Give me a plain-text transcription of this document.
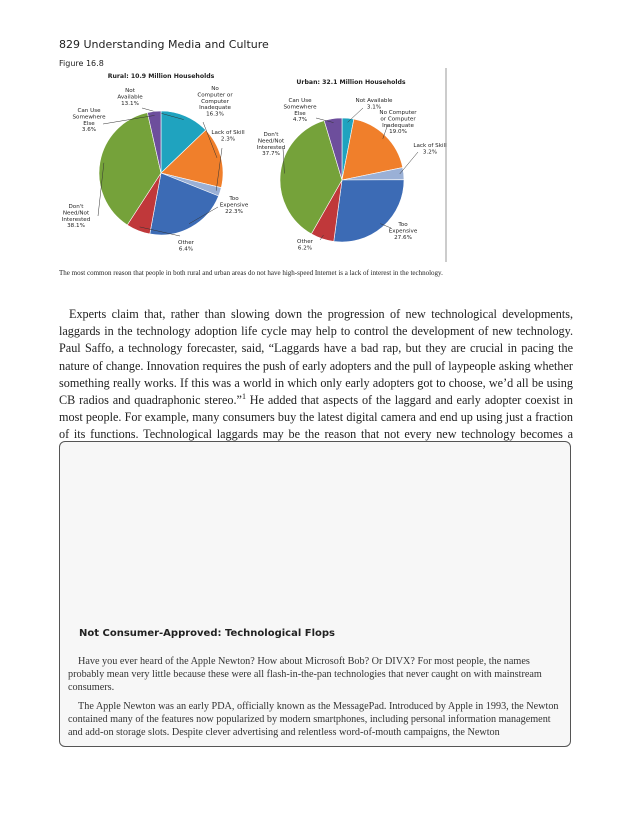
829 Understanding Media and Culture
Figure 16.8
Rural: 10.9 Million Households
Not Available 13.1%
No Computer or Computer Inadequate 16.3%
Lack of Skill 2.3%
Too Expensive 22.3%
Other 6.4%
Don't Need/Not Interested 38.1%
Can Use Somewhere Else 3.6%
Urban: 32.1 Million Households
Not Available 3.1%
No Computer or Computer Inadequate 19.0%
Lack of Skill 3.2%
Too Expensive 27.6%
Other 6.2%
Don't Need/Not Interested 37.7%
Can Use Somewhere Else 4.7%
The most common reason that people in both rural and urban areas do not have high-speed Internet is a lack of interest in the technology.

Experts claim that, rather than slowing down the progression of new technological developments, laggards in the technology adoption life cycle may help to control the development of new technology. Paul Saffo, a technology forecaster, said, “Laggards have a bad rap, but they are crucial in pacing the nature of change. Innovation requires the push of early adopters and the pull of laypeople asking whether something really works. If this was a world in which only early adopters got to choose, we’d all be using CB radios and quadraphonic stereo.”$^1$ He added that aspects of the laggard and early adopter coexist in most people. For example, many consumers buy the latest digital camera and end up using just a fraction of its functions. Technological laggards may be the reason that not every new technology becomes a

Not Consumer-Approved: Technological Flops

Have you ever heard of the Apple Newton? How about Microsoft Bob? Or DIVX? For most people, the names probably mean very little because these were all flash-in-the-pan technologies that never caught on with mainstream consumers.

The Apple Newton was an early PDA, officially known as the MessagePad. Introduced by Apple in 1993, the Newton contained many of the features now popularized by modern smartphones, including personal information management and add-on storage slots. Despite clever advertising and relentless word-of-mouth campaigns, the Newton
